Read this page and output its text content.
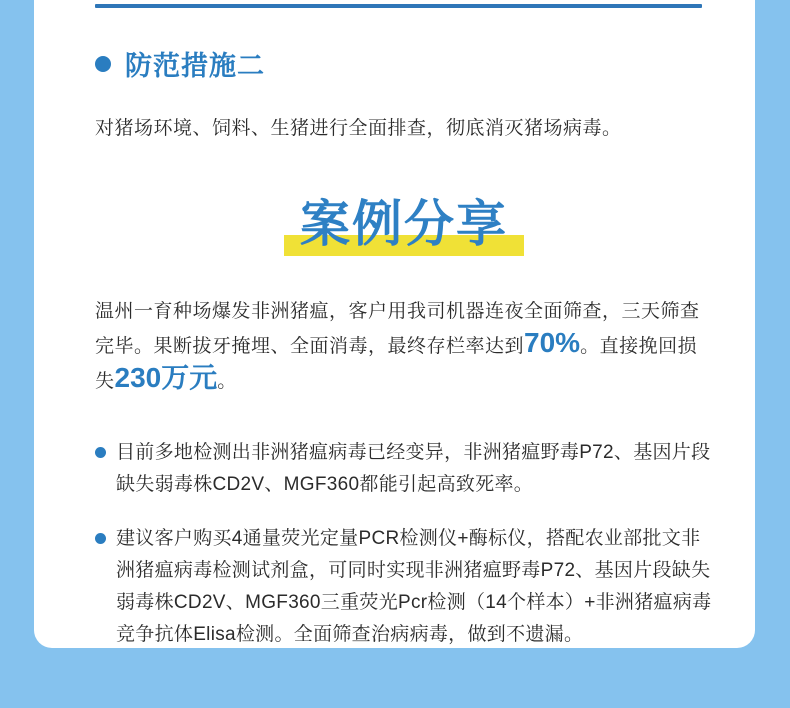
防范措施二
对猪场环境、饲料、生猪进行全面排查，彻底消灭猪场病毒。
案例分享
温州一育种场爆发非洲猪瘟，客户用我司机器连夜全面筛查，三天筛查完毕。果断拔牙掩埋、全面消毒，最终存栏率达到70%。直接挽回损失230万元。
目前多地检测出非洲猪瘟病毒已经变异，非洲猪瘟野毒P72、基因片段缺失弱毒株CD2V、MGF360都能引起高致死率。
建议客户购买4通量荧光定量PCR检测仪+酶标仪，搭配农业部批文非洲猪瘟病毒检测试剂盒，可同时实现非洲猪瘟野毒P72、基因片段缺失弱毒株CD2V、MGF360三重荧光Pcr检测（14个样本）+非洲猪瘟病毒竞争抗体Elisa检测。全面筛查治病病毒，做到不遗漏。
